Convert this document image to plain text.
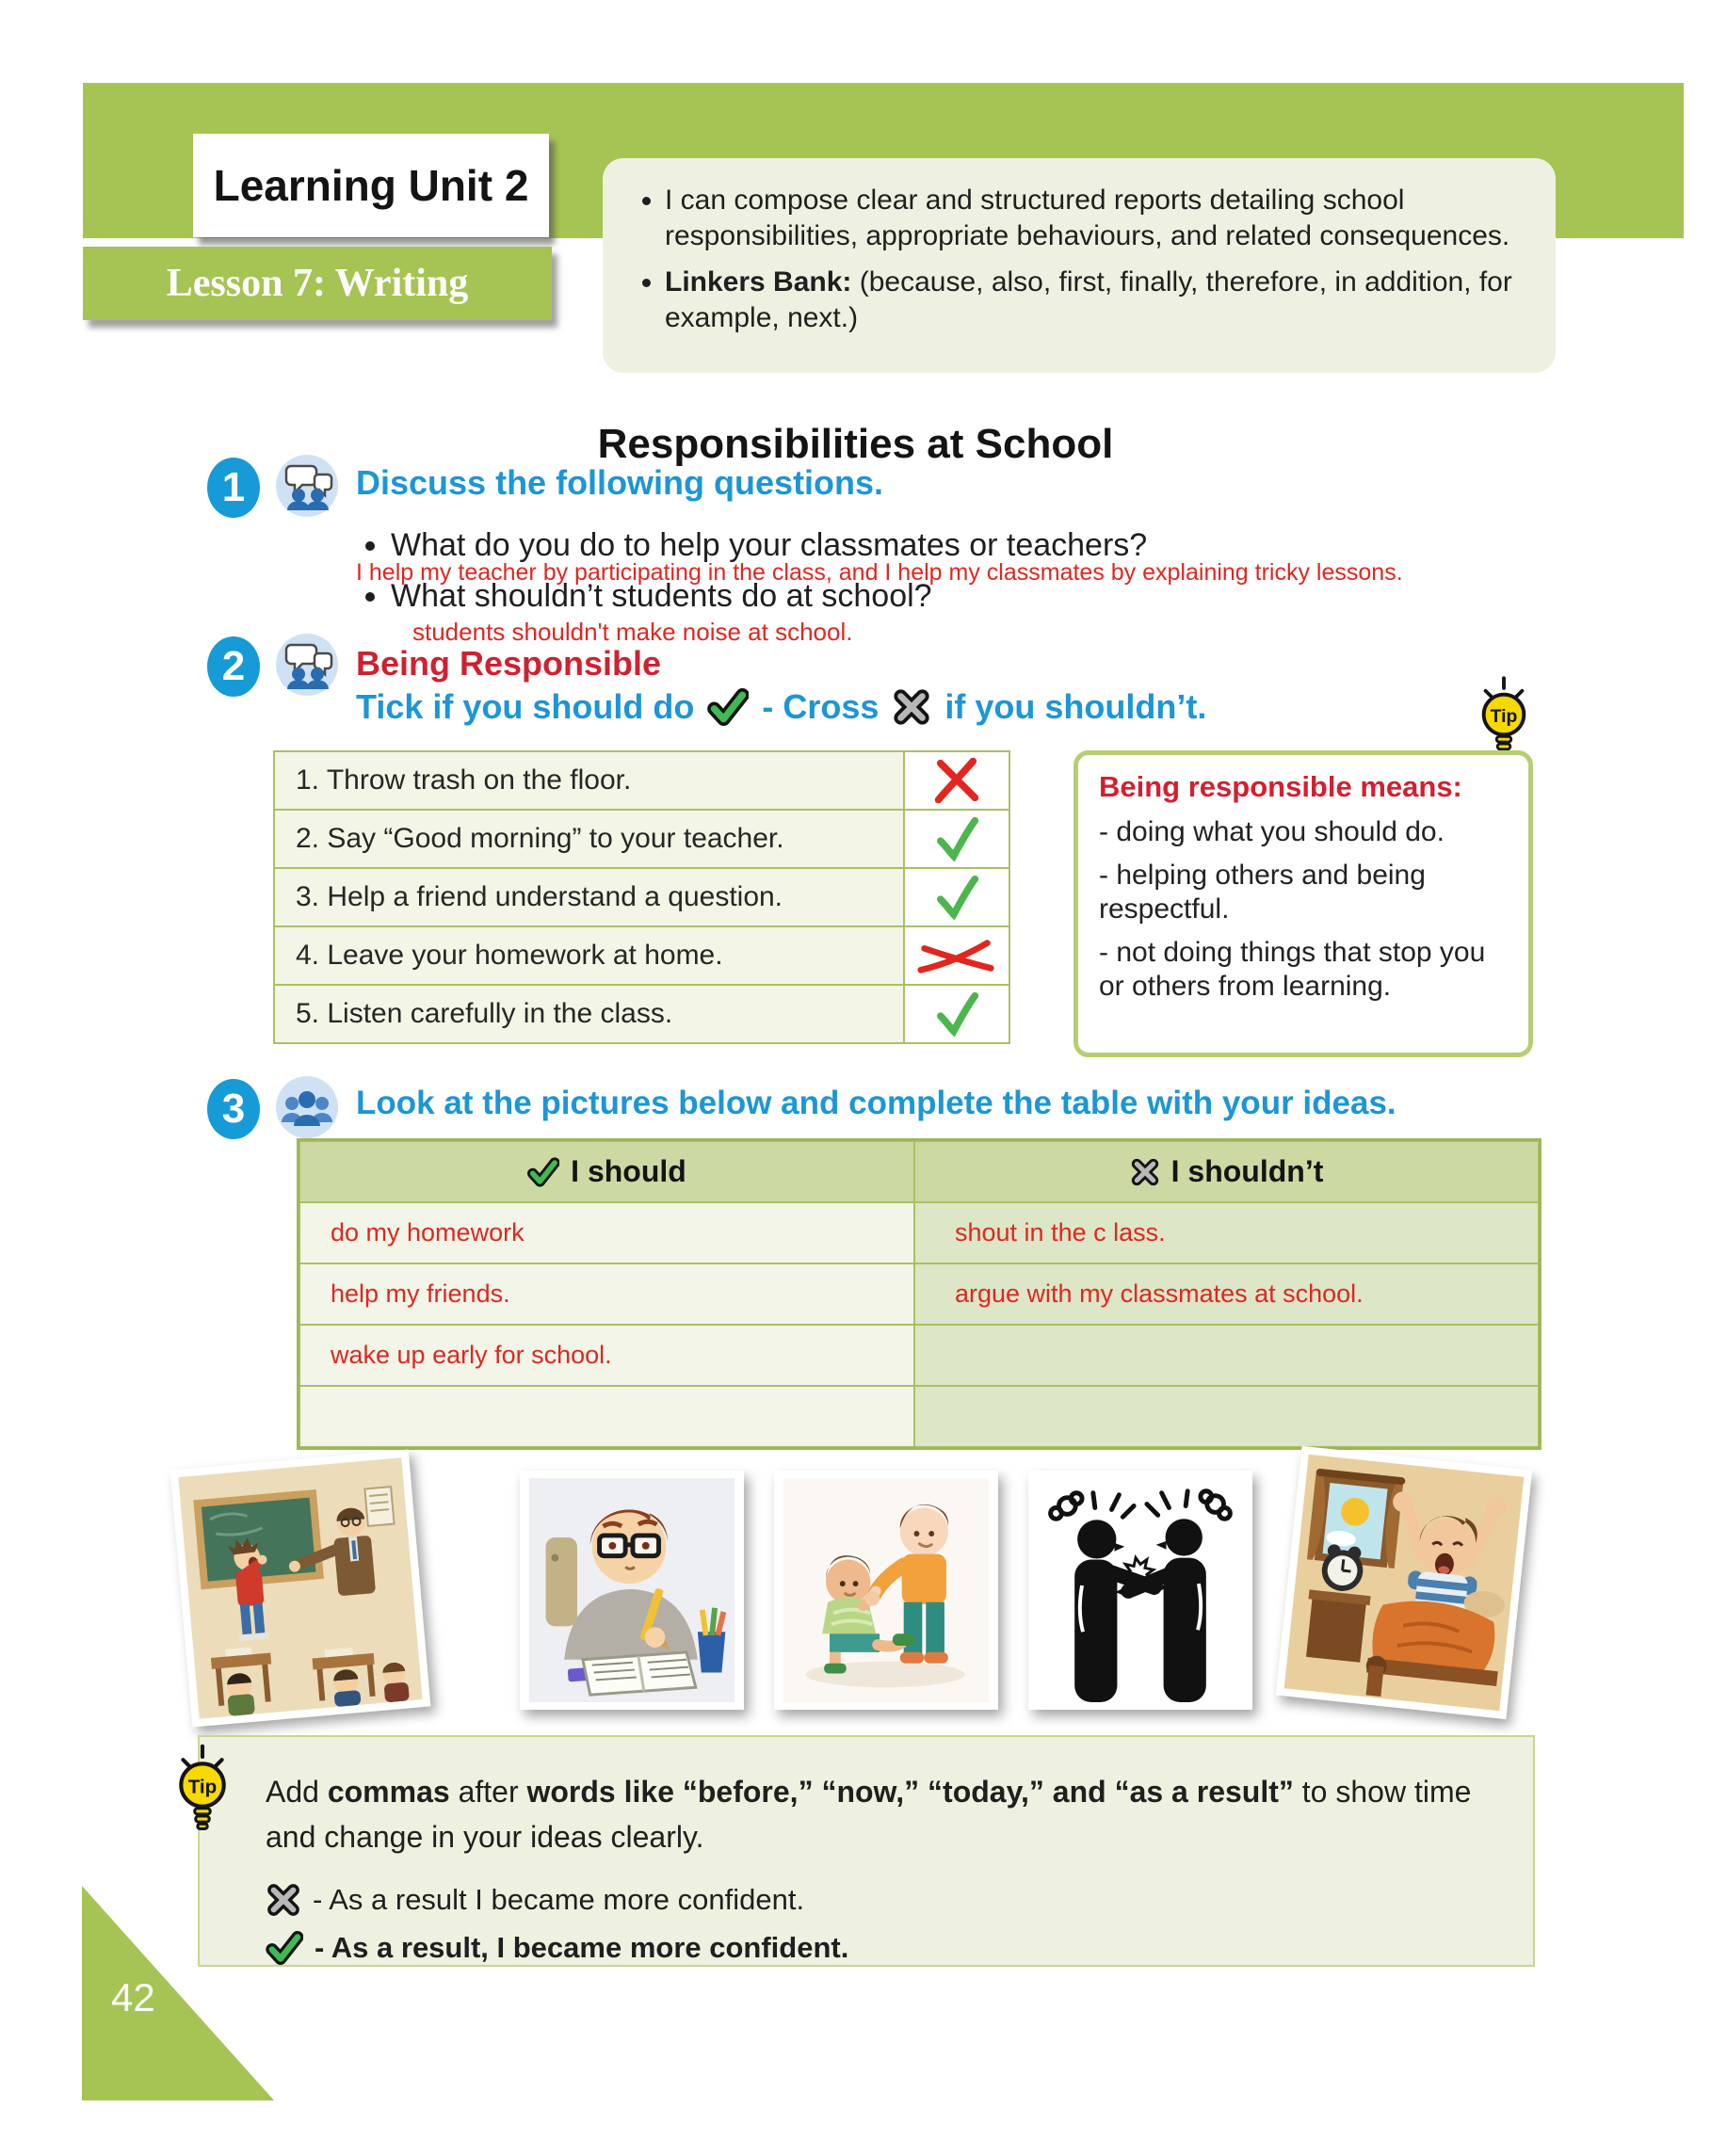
Learning Unit 2
Lesson 7: Writing
• I can compose clear and structured reports detailing school responsibilities, appropriate behaviours, and related consequences.
• Linkers Bank: (because, also, first, finally, therefore, in addition, for example, next.)
Responsibilities at School
1	Discuss the following questions.
What do you do to help your classmates or teachers?
I help my teacher by participating in the class, and I help my classmates by explaining tricky lessons.
What shouldn’t students do at school?
students shouldn't make noise at school.
2	Being Responsible
Tick if you should do - Cross if you shouldn’t.	Tip
1. Throw trash on the floor.
2. Say “Good morning” to your teacher.
3. Help a friend understand a question.
4. Leave your homework at home.
5. Listen carefully in the class.
Being responsible means:
- doing what you should do.
- helping others and being respectful.
- not doing things that stop you or others from learning.
3	Look at the pictures below and complete the table with your ideas.
I should	I shouldn’t
do my homework	shout in the c lass.
help my friends.	argue with my classmates at school.
wake up early for school.
Add commas after words like “before,” “now,” “today,” and “as a result” to show time and change in your ideas clearly.
- As a result I became more confident.
- As a result, I became more confident.
Tip
42
